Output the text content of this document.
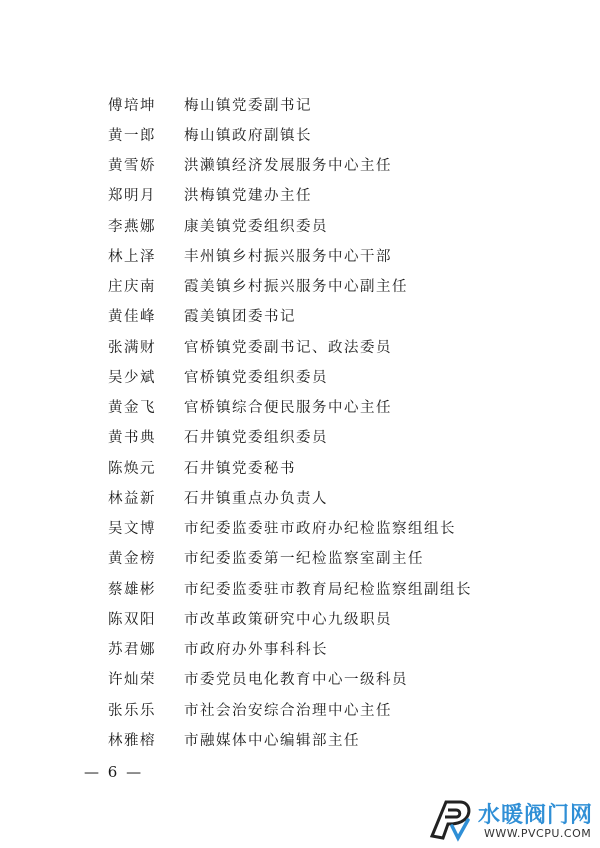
傅培坤	梅山镇党委副书记
黄一郎	梅山镇政府副镇长
黄雪娇	洪濑镇经济发展服务中心主任
郑明月	洪梅镇党建办主任
李燕娜	康美镇党委组织委员
林上泽	丰州镇乡村振兴服务中心干部
庄庆南	霞美镇乡村振兴服务中心副主任
黄佳峰	霞美镇团委书记
张满财	官桥镇党委副书记、政法委员
吴少斌	官桥镇党委组织委员
黄金飞	官桥镇综合便民服务中心主任
黄书典	石井镇党委组织委员
陈焕元	石井镇党委秘书
林益新	石井镇重点办负责人
吴文博	市纪委监委驻市政府办纪检监察组组长
黄金榜	市纪委监委第一纪检监察室副主任
蔡雄彬	市纪委监委驻市教育局纪检监察组副组长
陈双阳	市改革政策研究中心九级职员
苏君娜	市政府办外事科科长
许灿荣	市委党员电化教育中心一级科员
张乐乐	市社会治安综合治理中心主任
林雅榕	市融媒体中心编辑部主任
— 6 —
水暖阀门网
WWW.PVCPU.COM
